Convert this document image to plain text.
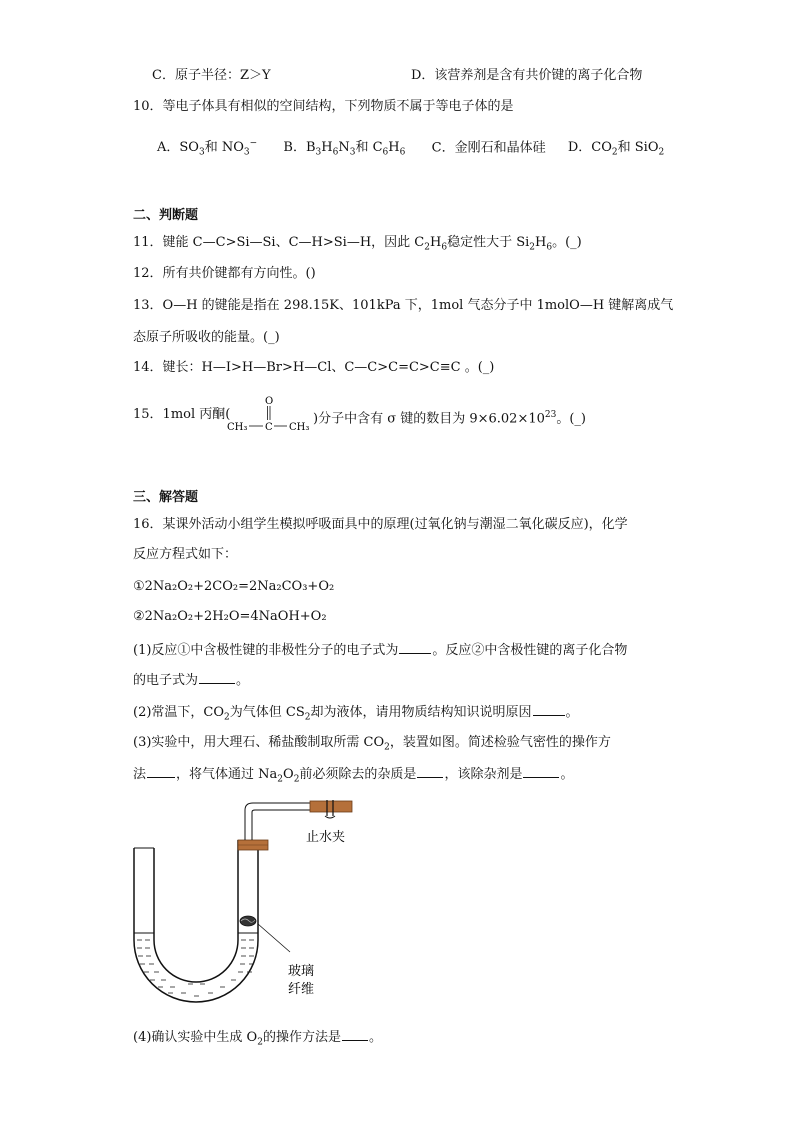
C．原子半径：Z＞Y	D．该营养剂是含有共价键的离子化合物
10．等电子体具有相似的空间结构，下列物质不属于等电子体的是
A．$SO_3$和 $NO_3^-$ B．$B_3H_6N_3$和 $C_6H_6$ C．金刚石和晶体硅 D．$CO_2$和 SiO$_2$
二、判断题
11．键能 C—C>Si—Si、C—H>Si—H，因此 $C_2H_6$稳定性大于 $Si_2H_6$。(_)
12．所有共价键都有方向性。()
13．O—H 的键能是指在 298.15K、101kPa 下，1mol 气态分子中 1molO—H 键解离成气
态原子所吸收的能量。(_)
14．键长：H—I>H—Br>H—Cl、C—C>C=C>C≡C 。(_)
15．1mol 丙酮(
O
CH₃ C CH₃
)分子中含有 σ 键的数目为 $9\times 6.02\times 10^{23}$。(_)
三、解答题
16．某课外活动小组学生模拟呼吸面具中的原理(过氧化钠与潮湿二氧化碳反应)，化学
反应方程式如下：
①2Na₂O₂+2CO₂=2Na₂CO₃+O₂
②2Na₂O₂+2H₂O=4NaOH+O₂
(1)反应①中含极性键的非极性分子的电子式为	。反应②中含极性键的离子化合物
的电子式为	。
(2)常温下，$CO_2$为气体但 $CS_2$却为液体，请用物质结构知识说明原因	。
(3)实验中，用大理石、稀盐酸制取所需 $CO_2$，装置如图。简述检验气密性的操作方
法 ，将气体通过 $Na_2O_2$前必须除去的杂质是 ，该除杂剂是	。
止水夹
玻璃
纤维
(4)确认实验中生成 $O_2$的操作方法是 。
